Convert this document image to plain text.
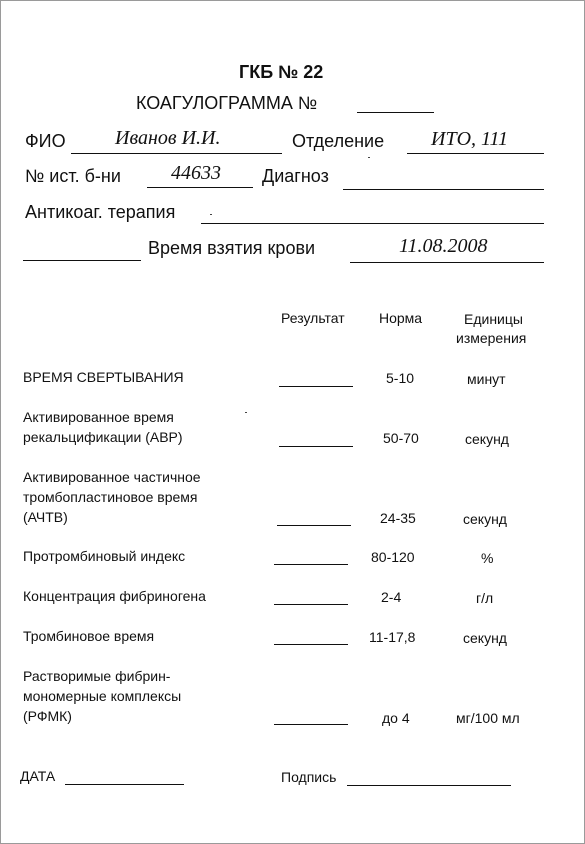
ГКБ № 22
КОАГУЛОГРАММА №
ФИО Иванов И.И.	Отделение ИТО, 111
№ ист. б-ни	44633 Диагноз
Антикоаг. терапия
Время взятия крови	11.08.2008
Результат Норма	Единицы
измерения
ВРЕМЯ СВЕРТЫВАНИЯ	5-10	минут
Активированное время
рекальцификации (АВР)	50-70	секунд
Активированное частичное
тромбопластиновое время
(АЧТВ)	24-35	секунд
Протромбиновый индекс	80-120	%
Концентрация фибриногена	2-4	г/л
Тромбиновое время	11-17,8	секунд
Растворимые фибрин-
мономерные комплексы
(РФМК)	до 4	мг/100 мл
ДАТА	Подпись
